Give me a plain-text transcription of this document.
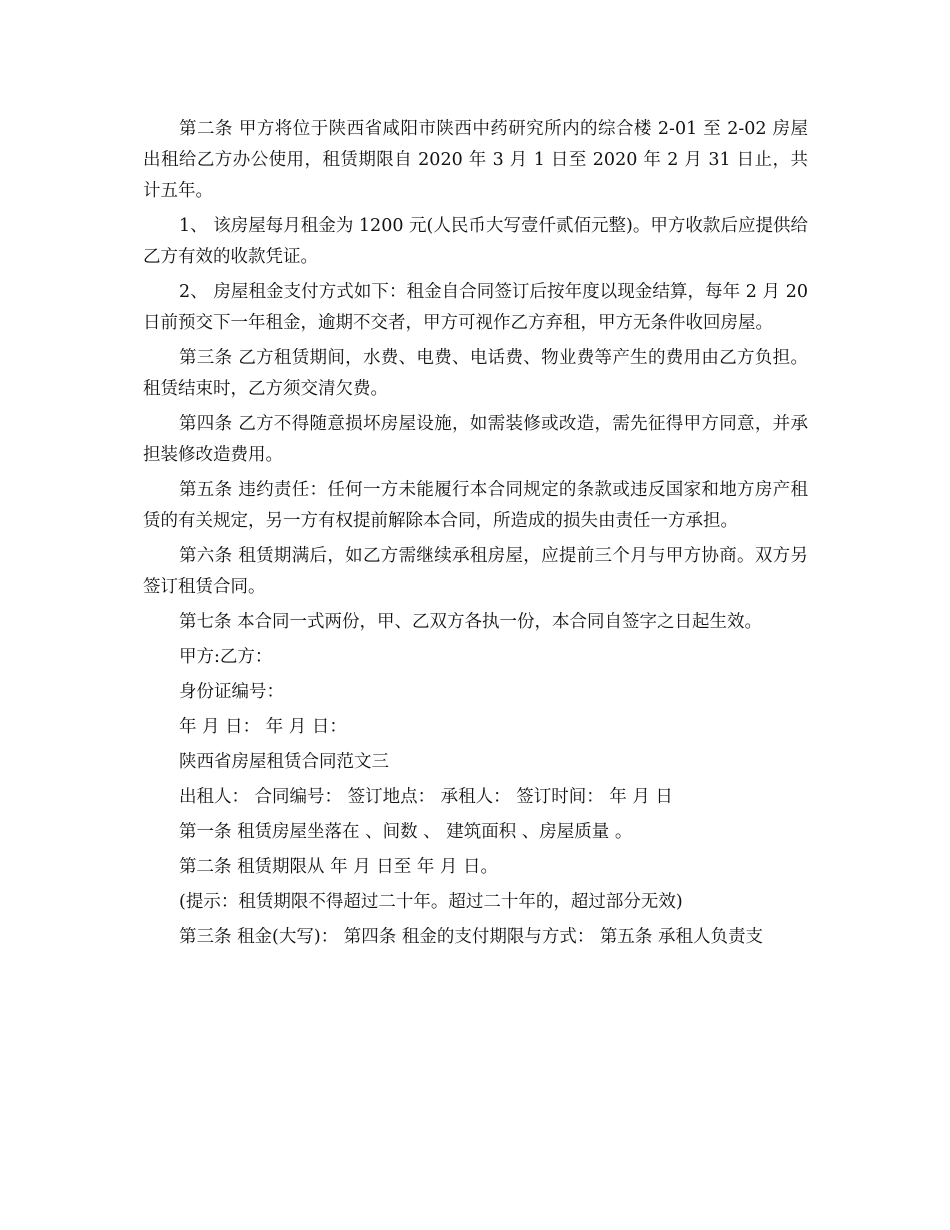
第二条 甲方将位于陕西省咸阳市陕西中药研究所内的综合楼 2-01 至 2-02 房屋出租给乙方办公使用，租赁期限自 2020 年 3 月 1 日至 2020 年 2 月 31 日止，共计五年。

1、 该房屋每月租金为 1200 元(人民币大写壹仟贰佰元整)。甲方收款后应提供给乙方有效的收款凭证。

2、 房屋租金支付方式如下：租金自合同签订后按年度以现金结算，每年 2 月 20 日前预交下一年租金，逾期不交者，甲方可视作乙方弃租，甲方无条件收回房屋。

第三条 乙方租赁期间，水费、电费、电话费、物业费等产生的费用由乙方负担。租赁结束时，乙方须交清欠费。

第四条 乙方不得随意损坏房屋设施，如需装修或改造，需先征得甲方同意，并承担装修改造费用。

第五条 违约责任：任何一方未能履行本合同规定的条款或违反国家和地方房产租赁的有关规定，另一方有权提前解除本合同，所造成的损失由责任一方承担。

第六条 租赁期满后，如乙方需继续承租房屋，应提前三个月与甲方协商。双方另签订租赁合同。

第七条 本合同一式两份，甲、乙双方各执一份，本合同自签字之日起生效。

甲方:乙方：

身份证编号：

年 月 日： 年 月 日：

陕西省房屋租赁合同范文三

出租人： 合同编号： 签订地点： 承租人： 签订时间： 年 月 日

第一条 租赁房屋坐落在 、间数 、 建筑面积 、房屋质量 。

第二条 租赁期限从 年 月 日至 年 月 日。

(提示：租赁期限不得超过二十年。超过二十年的，超过部分无效)

第三条 租金(大写)： 第四条 租金的支付期限与方式： 第五条 承租人负责支
